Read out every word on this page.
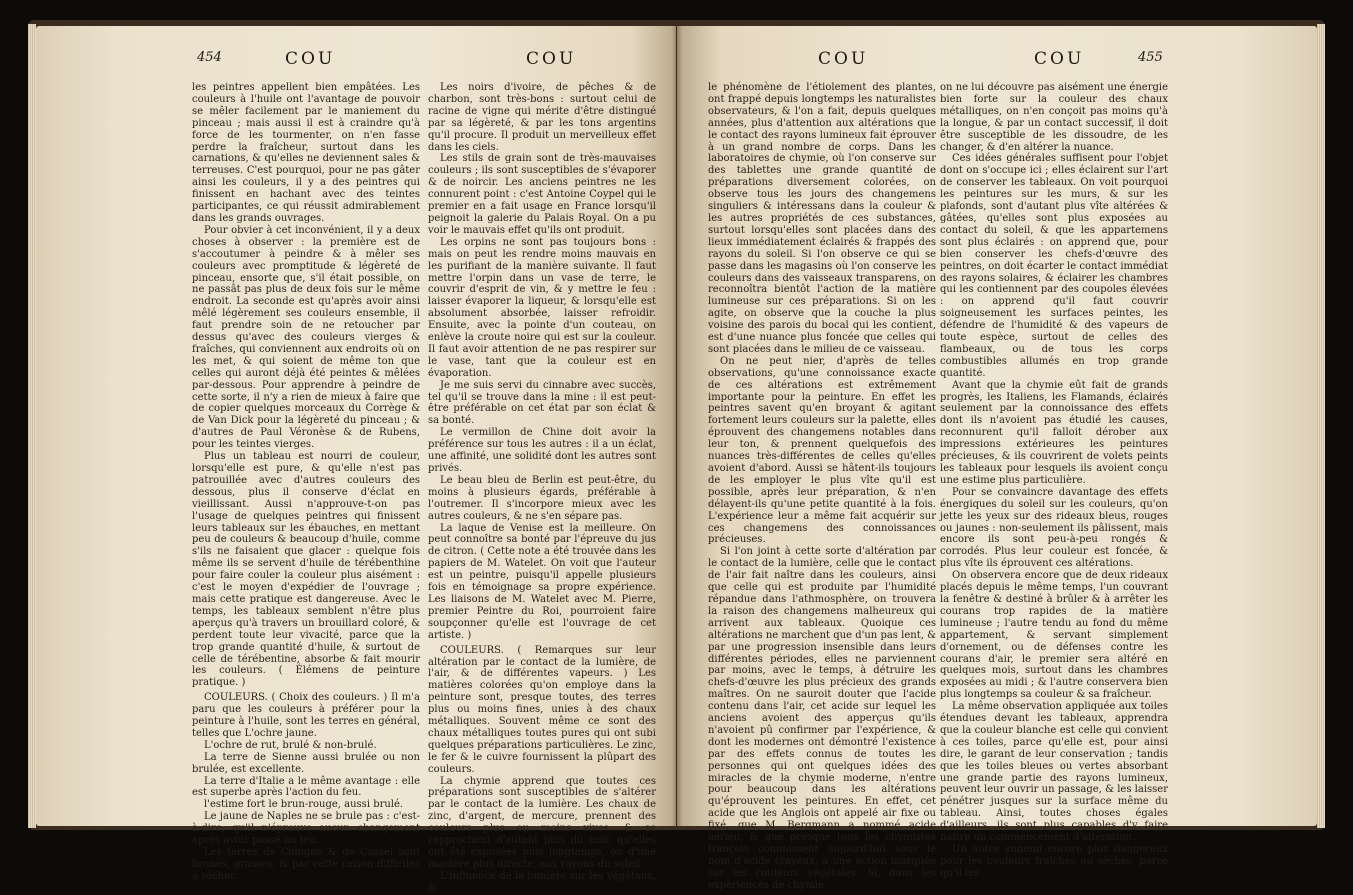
454	COU	COU	COU	COU	455

les peintres appellent bien empâtées. Les couleurs à l'huile ont l'avantage de pouvoir se mêler facilement par le maniement du pinceau ; mais aussi il est à craindre qu'à force de les tourmenter, on n'en fasse perdre la fraîcheur, surtout dans les carnations, & qu'elles ne deviennent sales & terreuses. C'est pourquoi, pour ne pas gâter ainsi les couleurs, il y a des peintres qui finissent en hachant avec des teintes participantes, ce qui réussit admirablement dans les grands ouvrages.

Pour obvier à cet inconvénient, il y a deux choses à observer : la première est de s'accoutumer à peindre & à mêler ses couleurs avec promptitude & légèreté de pinceau, ensorte que, s'il était possible, on ne passât pas plus de deux fois sur le même endroit. La seconde est qu'après avoir ainsi mêlé légèrement ses couleurs ensemble, il faut prendre soin de ne retoucher par dessus qu'avec des couleurs vierges & fraîches, qui conviennent aux endroits où on les met, & qui soient de même ton que celles qui auront déjà été peintes & mêlées par-dessous. Pour apprendre à peindre de cette sorte, il n'y a rien de mieux à faire que de copier quelques morceaux du Corrège & de Van Dick pour la légèreté du pinceau ; & d'autres de Paul Véronèse & de Rubens, pour les teintes vierges.

Plus un tableau est nourri de couleur, lorsqu'elle est pure, & qu'elle n'est pas patrouillée avec d'autres couleurs des dessous, plus il conserve d'éclat en vieillissant. Aussi n'approuve-t-on pas l'usage de quelques peintres qui finissent leurs tableaux sur les ébauches, en mettant peu de couleurs & beaucoup d'huile, comme s'ils ne faisaient que glacer : quelque fois même ils se servent d'huile de térébenthine pour faire couler la couleur plus aisément : c'est le moyen d'expédier de l'ouvrage ; mais cette pratique est dangereuse. Avec le temps, les tableaux semblent n'être plus aperçus qu'à travers un brouillard coloré, & perdent toute leur vivacité, parce que la trop grande quantité d'huile, & surtout de celle de térébentine, absorbe & fait mourir les couleurs. ( Élémens de peinture pratique. )

COULEURS. ( Choix des couleurs. ) Il m'a paru que les couleurs à préférer pour la peinture à l'huile, sont les terres en général, telles que L'ochre jaune.

L'ochre de rut, brulé & non-brulé.

La terre de Sienne aussi brulée ou non brulée, est excellente.

La terre d'Italie a le même avantage : elle est superbe après l'action du feu.

l'estime fort le brun-rouge, aussi brulé.

Le jaune de Naples ne se brule pas : c'est-à-dire, qu'il n'éprouve aucun changement après avoir passé au feu.

Les terres de Cologne & de Cassel sont brunes, grasses, & par cette raison difficiles à sécher.

Les noirs d'ivoire, de pêches & de charbon, sont très-bons : surtout celui de racine de vigne qui mérite d'être distingué par sa légèreté, & par les tons argentins qu'il procure. Il produit un merveilleux effet dans les ciels.

Les stils de grain sont de très-mauvaises couleurs ; ils sont susceptibles de s'évaporer & de noircir. Les anciens peintres ne les connurent point : c'est Antoine Coypel qui le premier en a fait usage en France lorsqu'il peignoit la galerie du Palais Royal. On a pu voir le mauvais effet qu'ils ont produit.

Les orpins ne sont pas toujours bons : mais on peut les rendre moins mauvais en les purifiant de la manière suivante. Il faut mettre l'orpin dans un vase de terre, le couvrir d'esprit de vin, & y mettre le feu : laisser évaporer la liqueur, & lorsqu'elle est absolument absorbée, laisser refroidir. Ensuite, avec la pointe d'un couteau, on enlève la croute noire qui est sur la couleur. Il faut avoir attention de ne pas respirer sur le vase, tant que la couleur est en évaporation.

Je me suis servi du cinnabre avec succès, tel qu'il se trouve dans la mine : il est peut-être préférable on cet état par son éclat & sa bonté.

Le vermillon de Chine doit avoir la préférence sur tous les autres : il a un éclat, une affinité, une solidité dont les autres sont privés.

Le beau bleu de Berlin est peut-être, du moins à plusieurs égards, préférable à l'outremer. Il s'incorpore mieux avec les autres couleurs, & ne s'en sépare pas.

La laque de Venise est la meilleure. On peut connoître sa bonté par l'épreuve du jus de citron. ( Cette note a été trouvée dans les papiers de M. Watelet. On voit que l'auteur est un peintre, puisqu'il appelle plusieurs fois en témoignage sa propre expérience. Les liaisons de M. Watelet avec M. Pierre, premier Peintre du Roi, pourroient faire soupçonner qu'elle est l'ouvrage de cet artiste. )

COULEURS. ( Remarques sur leur altération par le contact de la lumière, de l'air, & de différentes vapeurs. ) Les matières colorées qu'on employe dans la peinture sont, presque toutes, des terres plus ou moins fines, unies à des chaux métalliques. Souvent même ce sont des chaux métalliques toutes pures qui ont subi quelques préparations particulières. Le zinc, le fer & le cuivre fournissent la plûpart des couleurs.

La chymie apprend que toutes ces préparations sont susceptibles de s'altérer par le contact de la lumière. Les chaux de zinc, d'argent, de mercure, prennent des couleurs plus ou moins vives, & se rapprochent d'autant plus du noir, qu'elles ont été exposées plus longtemps, ou d'une manière plus directe, aux rayons du soleil.

L'influence de la lumière sur les végétaux, &

le phénomène de l'étiolement des plantes, ont frappé depuis longtemps les naturalistes observateurs, & l'on a fait, depuis quelques années, plus d'attention aux altérations que le contact des rayons lumineux fait éprouver à un grand nombre de corps. Dans les laboratoires de chymie, où l'on conserve sur des tablettes une grande quantité de préparations diversement colorées, on observe tous les jours des changemens singuliers & intéressans dans la couleur & les autres propriétés de ces substances, surtout lorsqu'elles sont placées dans des lieux immédiatement éclairés & frappés des rayons du soleil. Si l'on observe ce qui se passe dans les magasins où l'on conserve les couleurs dans des vaisseaux transparens, on reconnoîtra bientôt l'action de la matière lumineuse sur ces préparations. Si on les agite, on observe que la couche la plus voisine des parois du bocal qui les contient, est d'une nuance plus foncée que celles qui sont placées dans le milieu de ce vaisseau.

On ne peut nier, d'après de telles observations, qu'une connoissance exacte de ces altérations est extrêmement importante pour la peinture. En effet les peintres savent qu'en broyant & agitant fortement leurs couleurs sur la palette, elles éprouvent des changemens notables dans leur ton, & prennent quelquefois des nuances très-différentes de celles qu'elles avoient d'abord. Aussi se hâtent-ils toujours de les employer le plus vîte qu'il est possible, après leur préparation, & n'en délayent-ils qu'une petite quantité à la fois. L'expérience leur a même fait acquérir sur ces changemens des connoissances précieuses.

Si l'on joint à cette sorte d'altération par le contact de la lumière, celle que le contact de l'air fait naître dans les couleurs, ainsi que celle qui est produite par l'humidité répandue dans l'athmosphère, on trouvera la raison des changemens malheureux qui arrivent aux tableaux. Quoique ces altérations ne marchent que d'un pas lent, & par une progression insensible dans leurs différentes périodes, elles ne parviennent par moins, avec le temps, à détruire les chefs-d'œuvre les plus précieux des grands maîtres. On ne sauroit douter que l'acide contenu dans l'air, cet acide sur lequel les anciens avoient des apperçus qu'ils n'avoient pû confirmer par l'expérience, & dont les modernes ont démontré l'existence par des effets connus de toutes les personnes qui ont quelques idées des miracles de la chymie moderne, n'entre pour beaucoup dans les altérations qu'éprouvent les peintures. En effet, cet acide que les Anglois ont appelé air fixe ou fixé, que M. Bergmann a nommé acide aérien, & que presque tous les chymistes françois connoissent aujourd'hui sous le nom d'acide crayeux, a une action marquée sur les couleurs végétales. Si, dans les expériences de chymie,

on ne lui découvre pas aisément une énergie bien forte sur la couleur des chaux métalliques, on n'en conçoit pas moins qu'à la longue, & par un contact successif, il doit être susceptible de les dissoudre, de les changer, & d'en altérer la nuance.

Ces idées générales suffisent pour l'objet dont on s'occupe ici ; elles éclairent sur l'art de conserver les tableaux. On voit pourquoi les peintures sur les murs, & sur les plafonds, sont d'autant plus vîte altérées & gâtées, qu'elles sont plus exposées au contact du soleil, & que les appartemens sont plus éclairés : on apprend que, pour bien conserver les chefs-d'œuvre des peintres, on doit écarter le contact immédiat des rayons solaires, & éclairer les chambres qui les contiennent par des coupoles élevées : on apprend qu'il faut couvrir soigneusement les surfaces peintes, les défendre de l'humidité & des vapeurs de toute espèce, surtout de celles des flambeaux, ou de tous les corps combustibles allumés en trop grande quantité.

Avant que la chymie eût fait de grands progrès, les Italiens, les Flamands, éclairés seulement par la connoissance des effets dont ils n'avoient pas étudié les causes, reconnurent qu'il falloit dérober aux impressions extérieures les peintures précieuses, & ils couvrirent de volets peints les tableaux pour lesquels ils avoient conçu une estime plus particulière.

Pour se convaincre davantage des effets énergiques du soleil sur les couleurs, qu'on jette les yeux sur des rideaux bleus, rouges ou jaunes : non-seulement ils pâlissent, mais encore ils sont peu-à-peu rongés & corrodés. Plus leur couleur est foncée, & plus vîte ils éprouvent ces altérations.

On observera encore que de deux rideaux placés depuis le même temps, l'un couvrant la fenêtre & destiné à brûler & à arrêter les courans trop rapides de la matière lumineuse ; l'autre tendu au fond du même appartement, & servant simplement d'ornement, ou de défenses contre les courans d'air, le premier sera altéré en quelques mois, surtout dans les chambres exposées au midi ; & l'autre conservera bien plus longtemps sa couleur & sa fraîcheur.

La même observation appliquée aux toiles étendues devant les tableaux, apprendra que la couleur blanche est celle qui convient à ces toiles, parce qu'elle est, pour ainsi dire, le garant de leur conservation ; tandis que les toiles bleues ou vertes absorbant une grande partie des rayons lumineux, peuvent leur ouvrir un passage, & les laisser pénétrer jusques sur la surface même du tableau. Ainsi, toutes choses égales d'ailleurs, ils sont plus capables d'y faire naître un commencement d'altération.

Un autre ennemi encore plus dangereux pour les couleurs fraîches ou sèches, parce qu'il les
